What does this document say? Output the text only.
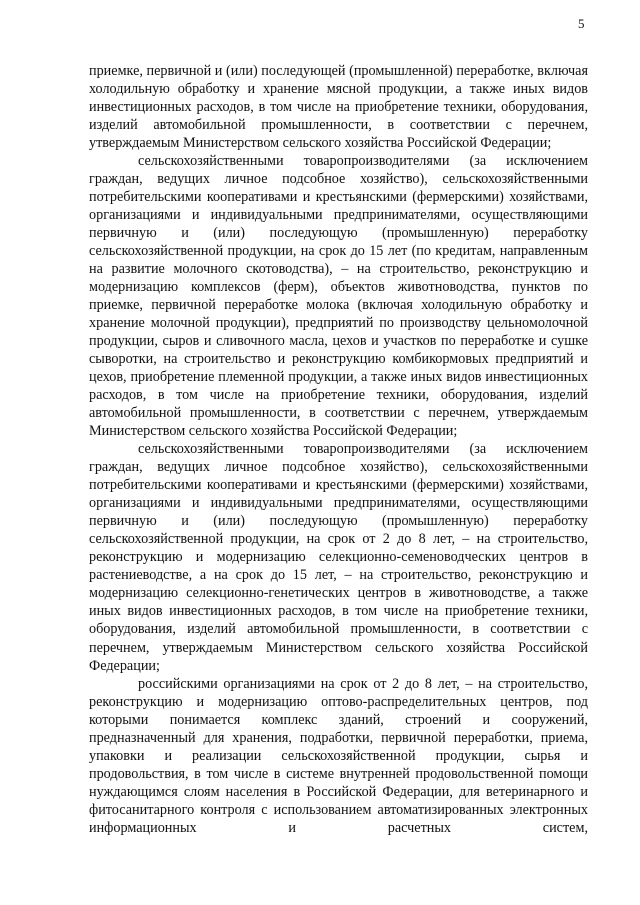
5

приемке, первичной и (или) последующей (промышленной) переработке, включая холодильную обработку и хранение мясной продукции, а также иных видов инвестиционных расходов, в том числе на приобретение техники, оборудования, изделий автомобильной промышленности, в соответствии с перечнем, утверждаемым Министерством сельского хозяйства Российской Федерации;

сельскохозяйственными товаропроизводителями (за исключением граждан, ведущих личное подсобное хозяйство), сельскохозяйственными потребительскими кооперативами и крестьянскими (фермерскими) хозяйствами, организациями и индивидуальными предпринимателями, осуществляющими первичную и (или) последующую (промышленную) переработку сельскохозяйственной продукции, на срок до 15 лет (по кредитам, направленным на развитие молочного скотоводства), – на строительство, реконструкцию и модернизацию комплексов (ферм), объектов животноводства, пунктов по приемке, первичной переработке молока (включая холодильную обработку и хранение молочной продукции), предприятий по производству цельномолочной продукции, сыров и сливочного масла, цехов и участков по переработке и сушке сыворотки, на строительство и реконструкцию комбикормовых предприятий и цехов, приобретение племенной продукции, а также иных видов инвестиционных расходов, в том числе на приобретение техники, оборудования, изделий автомобильной промышленности, в соответствии с перечнем, утверждаемым Министерством сельского хозяйства Российской Федерации;

сельскохозяйственными товаропроизводителями (за исключением граждан, ведущих личное подсобное хозяйство), сельскохозяйственными потребительскими кооперативами и крестьянскими (фермерскими) хозяйствами, организациями и индивидуальными предпринимателями, осуществляющими первичную и (или) последующую (промышленную) переработку сельскохозяйственной продукции, на срок от 2 до 8 лет, – на строительство, реконструкцию и модернизацию селекционно-семеноводческих центров в растениеводстве, а на срок до 15 лет, – на строительство, реконструкцию и модернизацию селекционно-генетических центров в животноводстве, а также иных видов инвестиционных расходов, в том числе на приобретение техники, оборудования, изделий автомобильной промышленности, в соответствии с перечнем, утверждаемым Министерством сельского хозяйства Российской Федерации;

российскими организациями на срок от 2 до 8 лет, – на строительство, реконструкцию и модернизацию оптово-распределительных центров, под которыми понимается комплекс зданий, строений и сооружений, предназначенный для хранения, подработки, первичной переработки, приема, упаковки и реализации сельскохозяйственной продукции, сырья и продовольствия, в том числе в системе внутренней продовольственной помощи нуждающимся слоям населения в Российской Федерации, для ветеринарного и фитосанитарного контроля с использованием автоматизированных электронных информационных и расчетных систем,
